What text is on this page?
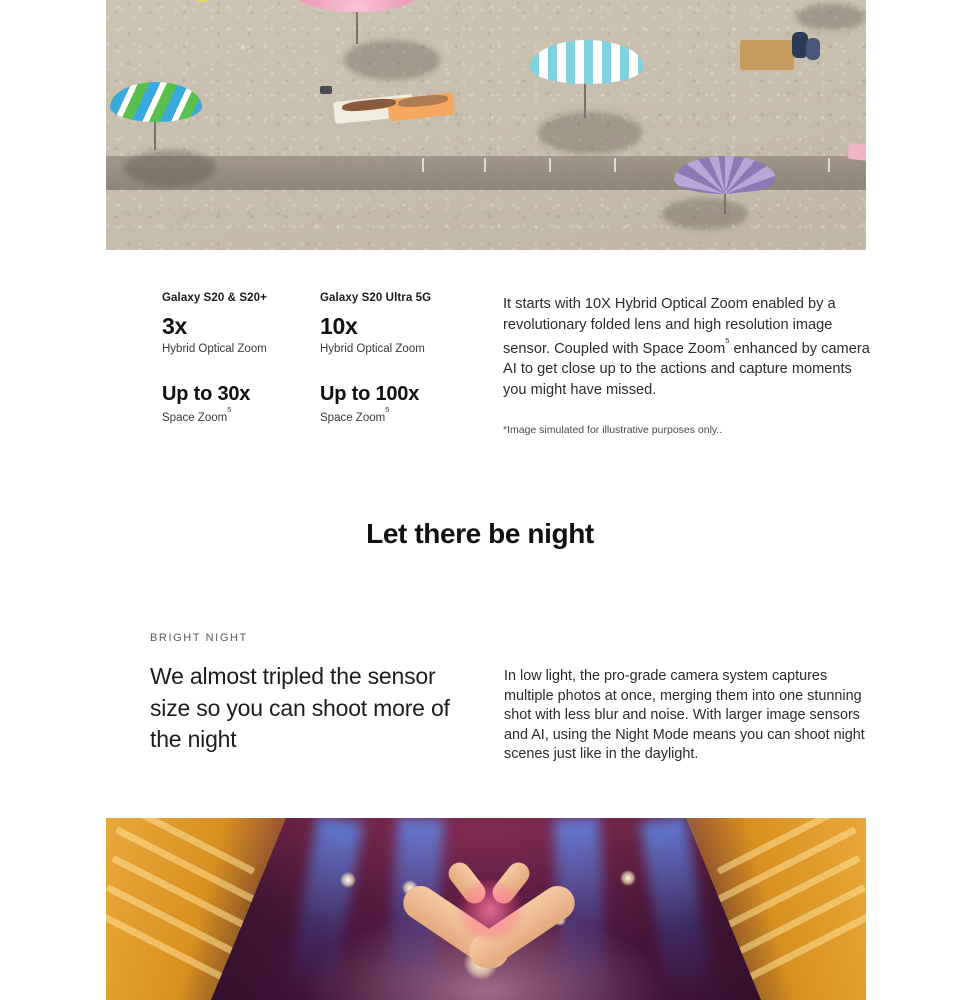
Galaxy S20 & S20+

3x

Hybrid Optical Zoom

Up to 30x

Space Zoom$^5$

Galaxy S20 Ultra 5G

10x

Hybrid Optical Zoom

Up to 100x

Space Zoom$^5$

It starts with 10X Hybrid Optical Zoom enabled by a revolutionary folded lens and high resolution image sensor. Coupled with Space Zoom$^5$ enhanced by camera AI to get close up to the actions and capture moments you might have missed.

*Image simulated for illustrative purposes only..

Let there be night
BRIGHT NIGHT
We almost tripled the sensor size so you can shoot more of the night
In low light, the pro-grade camera system captures multiple photos at once, merging them into one stunning shot with less blur and noise. With larger image sensors and AI, using the Night Mode means you can shoot night scenes just like in the daylight.
